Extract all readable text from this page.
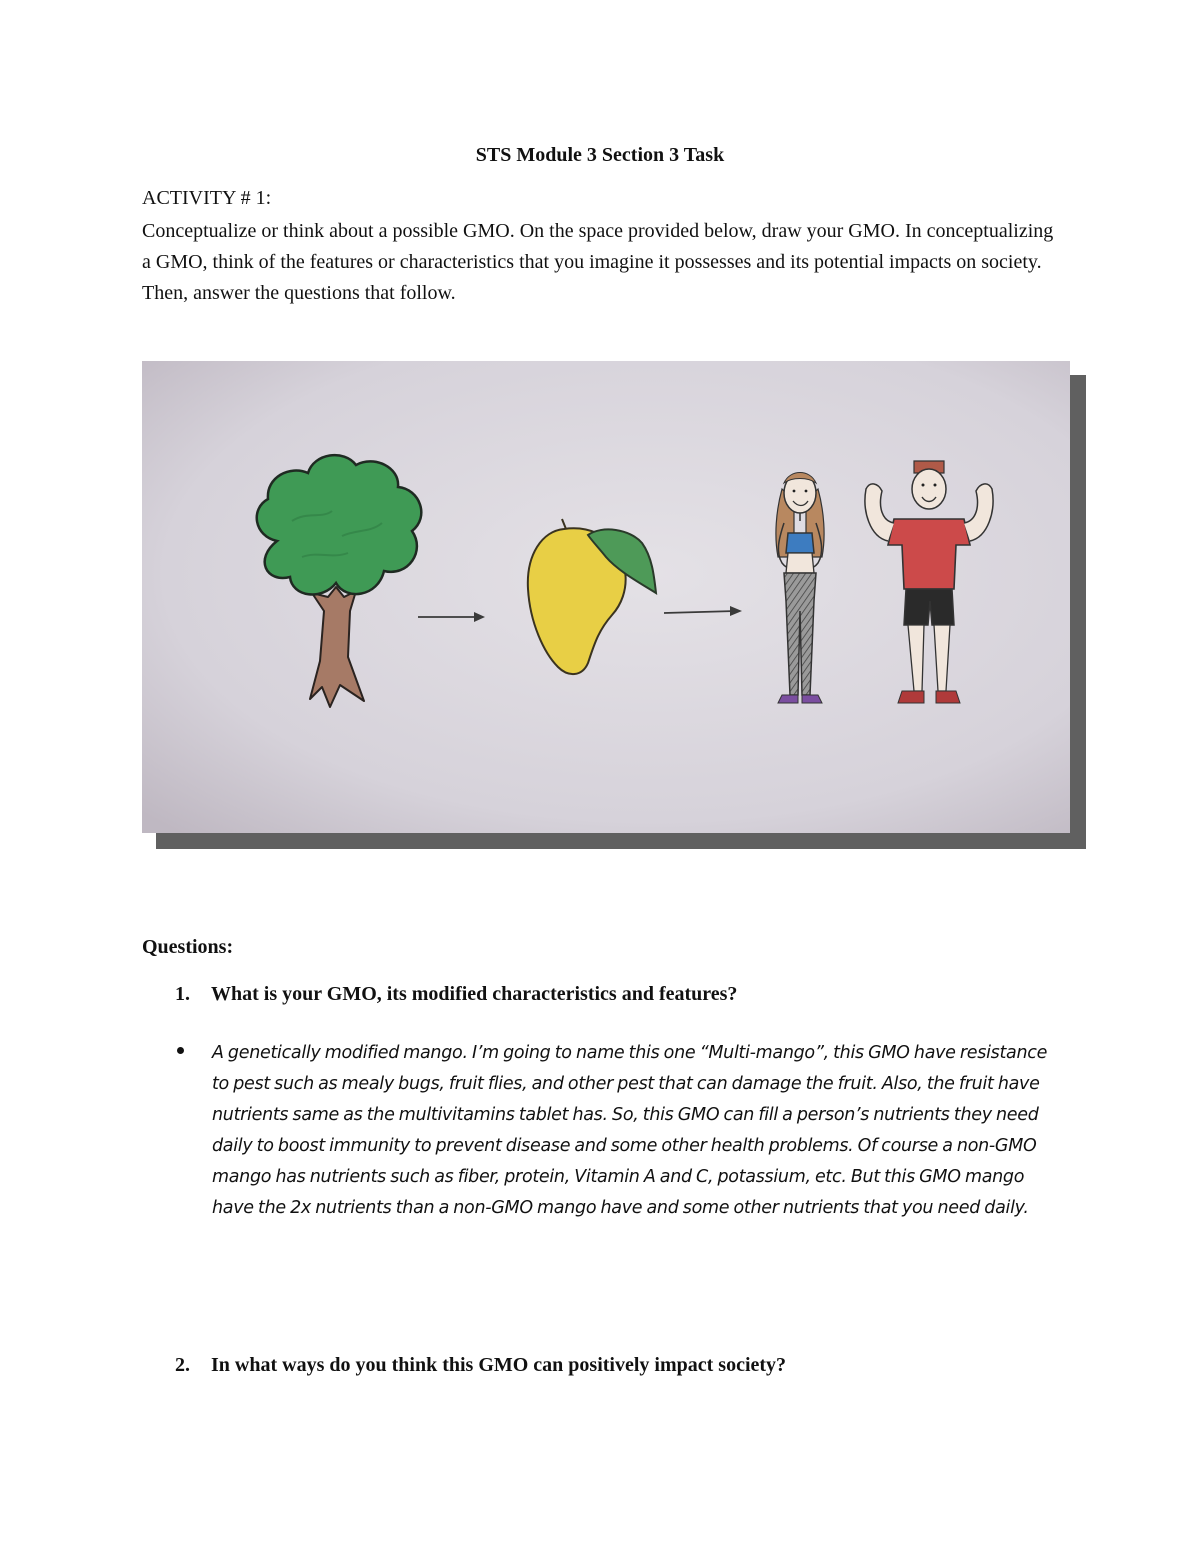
STS Module 3 Section 3 Task

ACTIVITY # 1:

Conceptualize or think about a possible GMO. On the space provided below, draw your GMO. In conceptualizing a GMO, think of the features or characteristics that you imagine it possesses and its potential impacts on society. Then, answer the questions that follow.

Questions:

1. What is your GMO, its modified characteristics and features?

A genetically modified mango. I’m going to name this one “Multi-mango”, this GMO have resistance to pest such as mealy bugs, fruit flies, and other pest that can damage the fruit. Also, the fruit have nutrients same as the multivitamins tablet has. So, this GMO can fill a person’s nutrients they need daily to boost immunity to prevent disease and some other health problems. Of course a non-GMO mango has nutrients such as fiber, protein, Vitamin A and C, potassium, etc. But this GMO mango have the 2x nutrients than a non-GMO mango have and some other nutrients that you need daily.

2. In what ways do you think this GMO can positively impact society?
